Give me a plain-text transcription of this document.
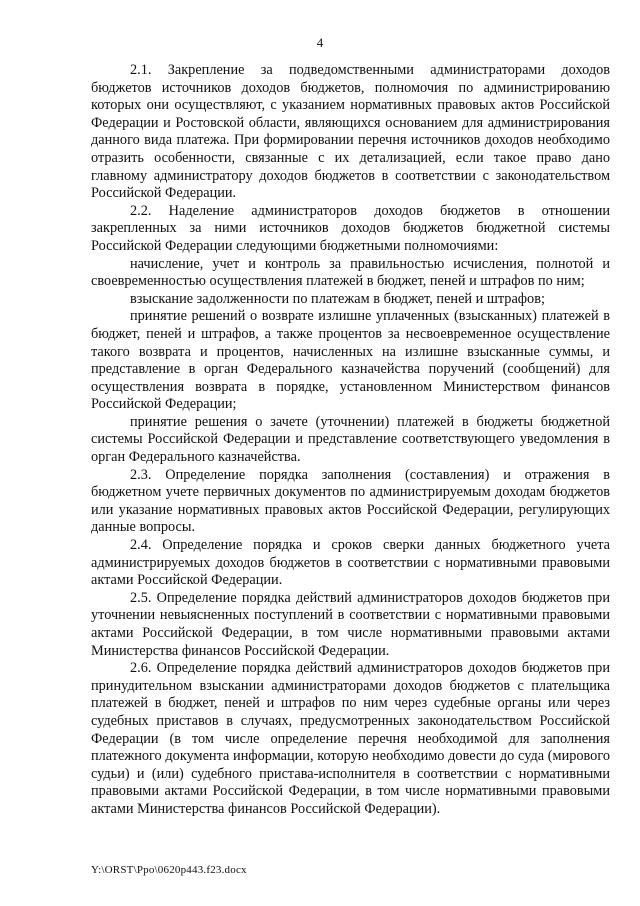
4

2.1. Закрепление за подведомственными администраторами доходов бюджетов источников доходов бюджетов, полномочия по администрированию которых они осуществляют, с указанием нормативных правовых актов Российской Федерации и Ростовской области, являющихся основанием для администрирования данного вида платежа. При формировании перечня источников доходов необходимо отразить особенности, связанные с их детализацией, если такое право дано главному администратору доходов бюджетов в соответствии с законодательством Российской Федерации.

2.2. Наделение администраторов доходов бюджетов в отношении закрепленных за ними источников доходов бюджетов бюджетной системы Российской Федерации следующими бюджетными полномочиями:

начисление, учет и контроль за правильностью исчисления, полнотой и своевременностью осуществления платежей в бюджет, пеней и штрафов по ним;

взыскание задолженности по платежам в бюджет, пеней и штрафов;

принятие решений о возврате излишне уплаченных (взысканных) платежей в бюджет, пеней и штрафов, а также процентов за несвоевременное осуществление такого возврата и процентов, начисленных на излишне взысканные суммы, и представление в орган Федерального казначейства поручений (сообщений) для осуществления возврата в порядке, установленном Министерством финансов Российской Федерации;

принятие решения о зачете (уточнении) платежей в бюджеты бюджетной системы Российской Федерации и представление соответствующего уведомления в орган Федерального казначейства.

2.3. Определение порядка заполнения (составления) и отражения в бюджетном учете первичных документов по администрируемым доходам бюджетов или указание нормативных правовых актов Российской Федерации, регулирующих данные вопросы.

2.4. Определение порядка и сроков сверки данных бюджетного учета администрируемых доходов бюджетов в соответствии с нормативными правовыми актами Российской Федерации.

2.5. Определение порядка действий администраторов доходов бюджетов при уточнении невыясненных поступлений в соответствии с нормативными правовыми актами Российской Федерации, в том числе нормативными правовыми актами Министерства финансов Российской Федерации.

2.6. Определение порядка действий администраторов доходов бюджетов при принудительном взыскании администраторами доходов бюджетов с плательщика платежей в бюджет, пеней и штрафов по ним через судебные органы или через судебных приставов в случаях, предусмотренных законодательством Российской Федерации (в том числе определение перечня необходимой для заполнения платежного документа информации, которую необходимо довести до суда (мирового судьи) и (или) судебного пристава-исполнителя в соответствии с нормативными правовыми актами Российской Федерации, в том числе нормативными правовыми актами Министерства финансов Российской Федерации).

Y:\ORST\Ppo\0620p443.f23.docx
